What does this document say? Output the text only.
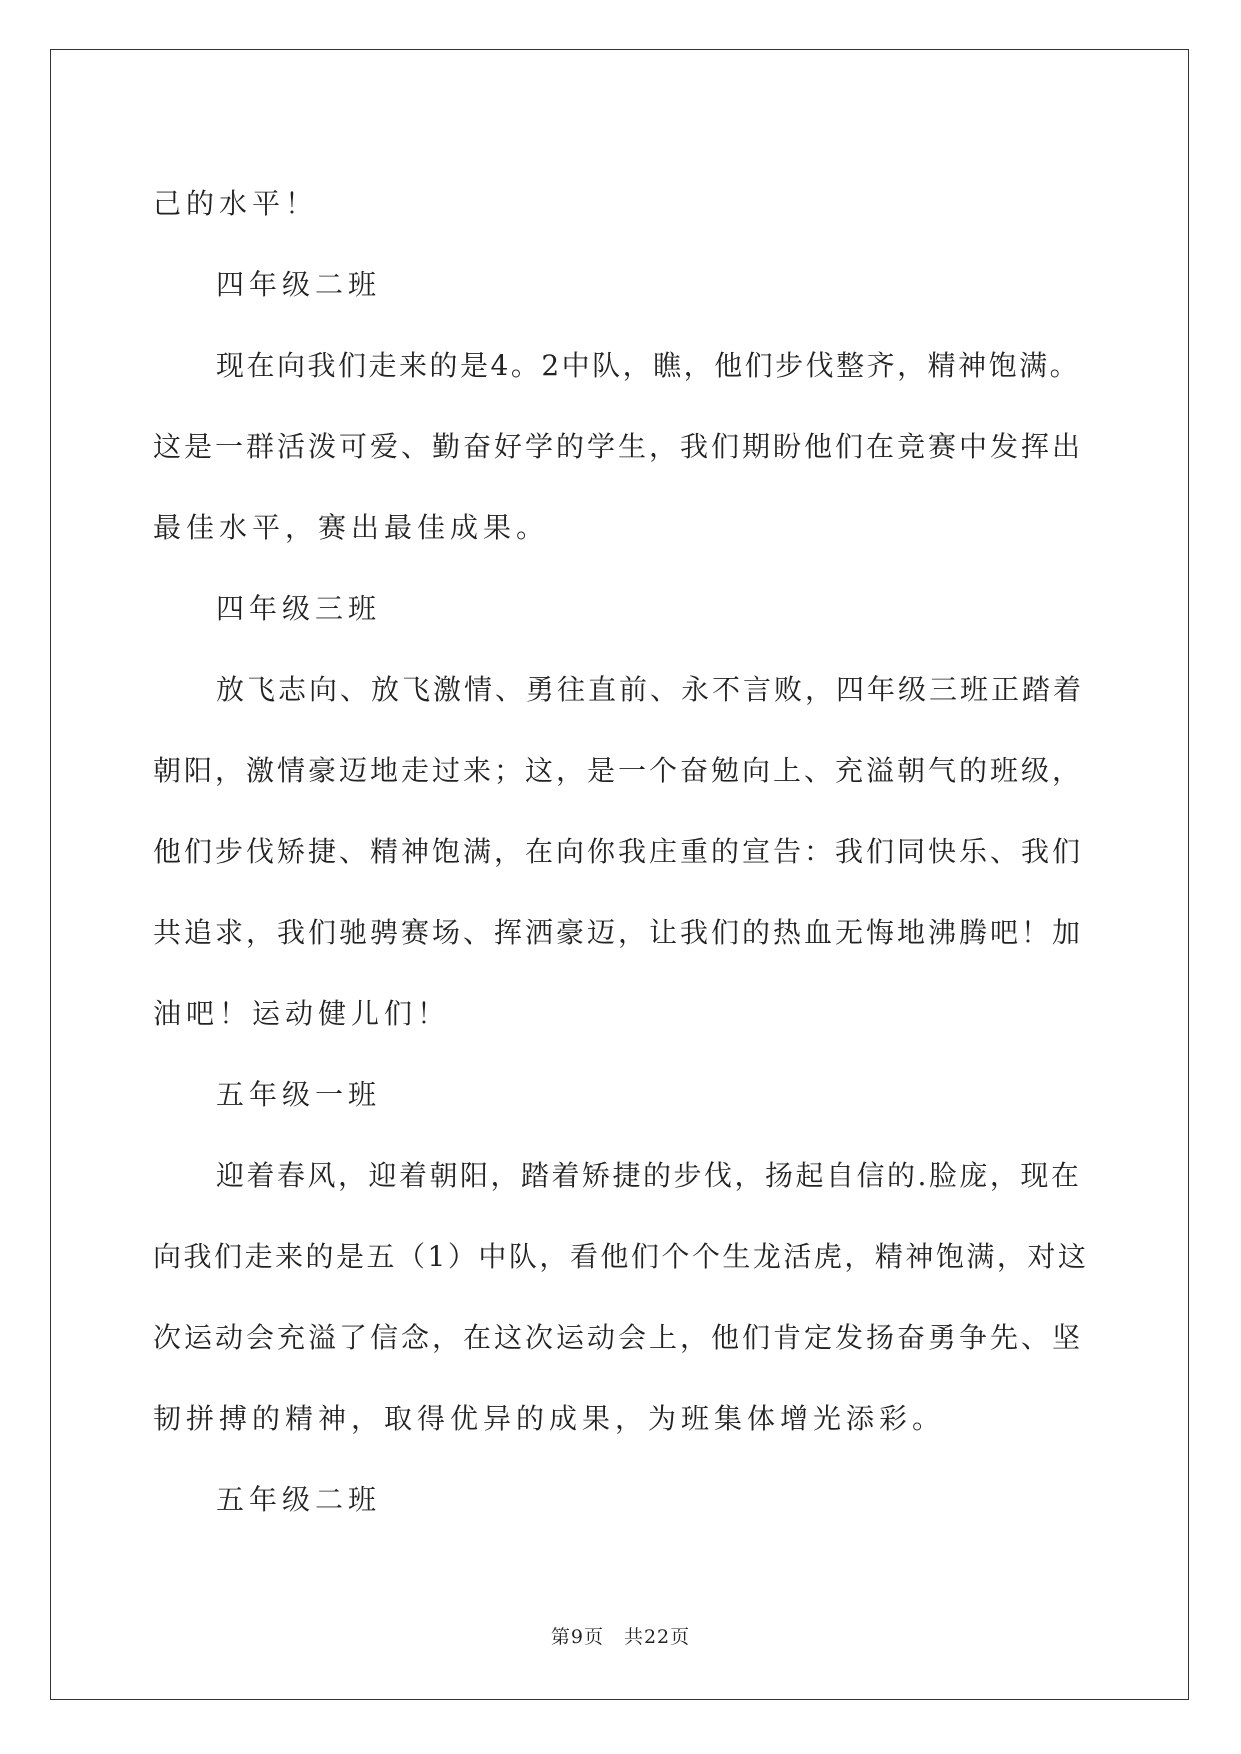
己的水平！

四年级二班

现在向我们走来的是4。2中队，瞧，他们步伐整齐，精神饱满。

这是一群活泼可爱、勤奋好学的学生，我们期盼他们在竞赛中发挥出

最佳水平，赛出最佳成果。

四年级三班

放飞志向、放飞激情、勇往直前、永不言败，四年级三班正踏着

朝阳，激情豪迈地走过来；这，是一个奋勉向上、充溢朝气的班级，

他们步伐矫捷、精神饱满，在向你我庄重的宣告：我们同快乐、我们

共追求，我们驰骋赛场、挥洒豪迈，让我们的热血无悔地沸腾吧！加

油吧！运动健儿们！

五年级一班

迎着春风，迎着朝阳，踏着矫捷的步伐，扬起自信的.脸庞，现在

向我们走来的是五（1）中队，看他们个个生龙活虎，精神饱满，对这

次运动会充溢了信念，在这次运动会上，他们肯定发扬奋勇争先、坚

韧拼搏的精神，取得优异的成果，为班集体增光添彩。

五年级二班

第9页　共22页
